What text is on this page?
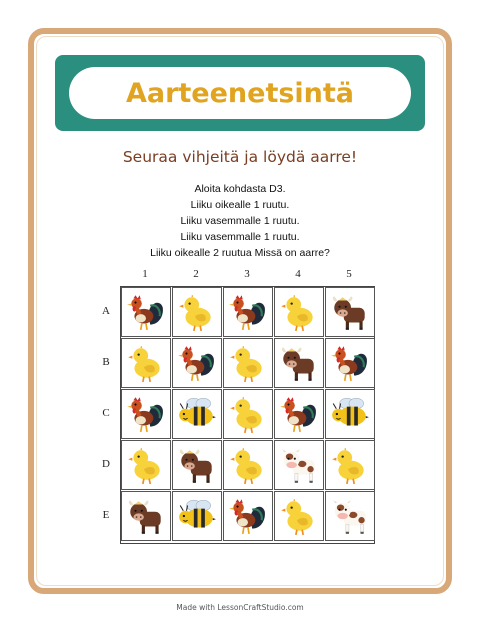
Aarteenetsintä
Seuraa vihjeitä ja löydä aarre!
Aloita kohdasta D3.
Liiku oikealle 1 ruutu.
Liiku vasemmalle 1 ruutu.
Liiku vasemmalle 1 ruutu.
Liiku oikealle 2 ruutua Missä on aarre?
1	2	3	4	5
A
B
C
D
E
Made with LessonCraftStudio.com
